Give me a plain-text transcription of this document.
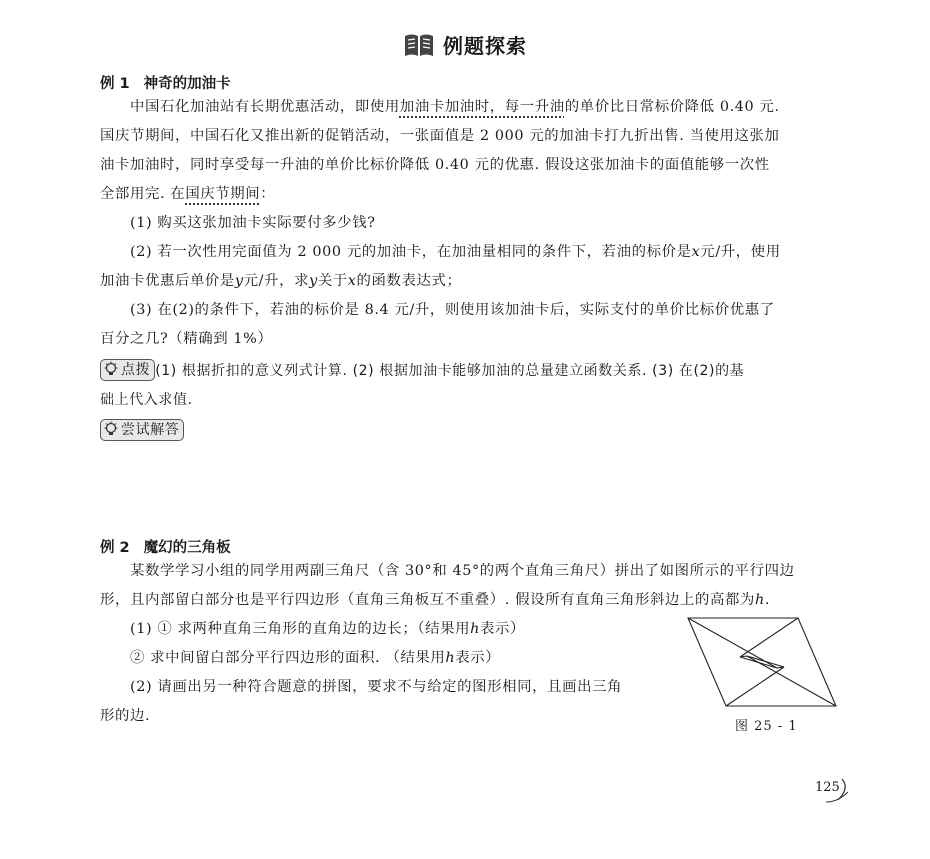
例题探索
例 1 神奇的加油卡
中国石化加油站有长期优惠活动，即使用加油卡加油时，每一升油的单价比日常标价降低 0.40 元.
国庆节期间，中国石化又推出新的促销活动，一张面值是 2 000 元的加油卡打九折出售. 当使用这张加
油卡加油时，同时享受每一升油的单价比标价降低 0.40 元的优惠. 假设这张加油卡的面值能够一次性
全部用完. 在国庆节期间：
(1) 购买这张加油卡实际要付多少钱?
(2) 若一次性用完面值为 2 000 元的加油卡，在加油量相同的条件下，若油的标价是x元/升，使用
加油卡优惠后单价是y元/升，求y关于x的函数表达式；
(3) 在(2)的条件下，若油的标价是 8.4 元/升，则使用该加油卡后，实际支付的单价比标价优惠了
百分之几?（精确到 1%）
点拨 (1) 根据折扣的意义列式计算. (2) 根据加油卡能够加油的总量建立函数关系. (3) 在(2)的基
础上代入求值.
尝试解答
例 2 魔幻的三角板
某数学学习小组的同学用两副三角尺（含 30°和 45°的两个直角三角尺）拼出了如图所示的平行四边
形，且内部留白部分也是平行四边形（直角三角板互不重叠）. 假设所有直角三角形斜边上的高都为h.
(1) ① 求两种直角三角形的直角边的边长；（结果用h表示）
② 求中间留白部分平行四边形的面积. （结果用h表示）
(2) 请画出另一种符合题意的拼图，要求不与给定的图形相同，且画出三角
形的边.
图 25 - 1
125
